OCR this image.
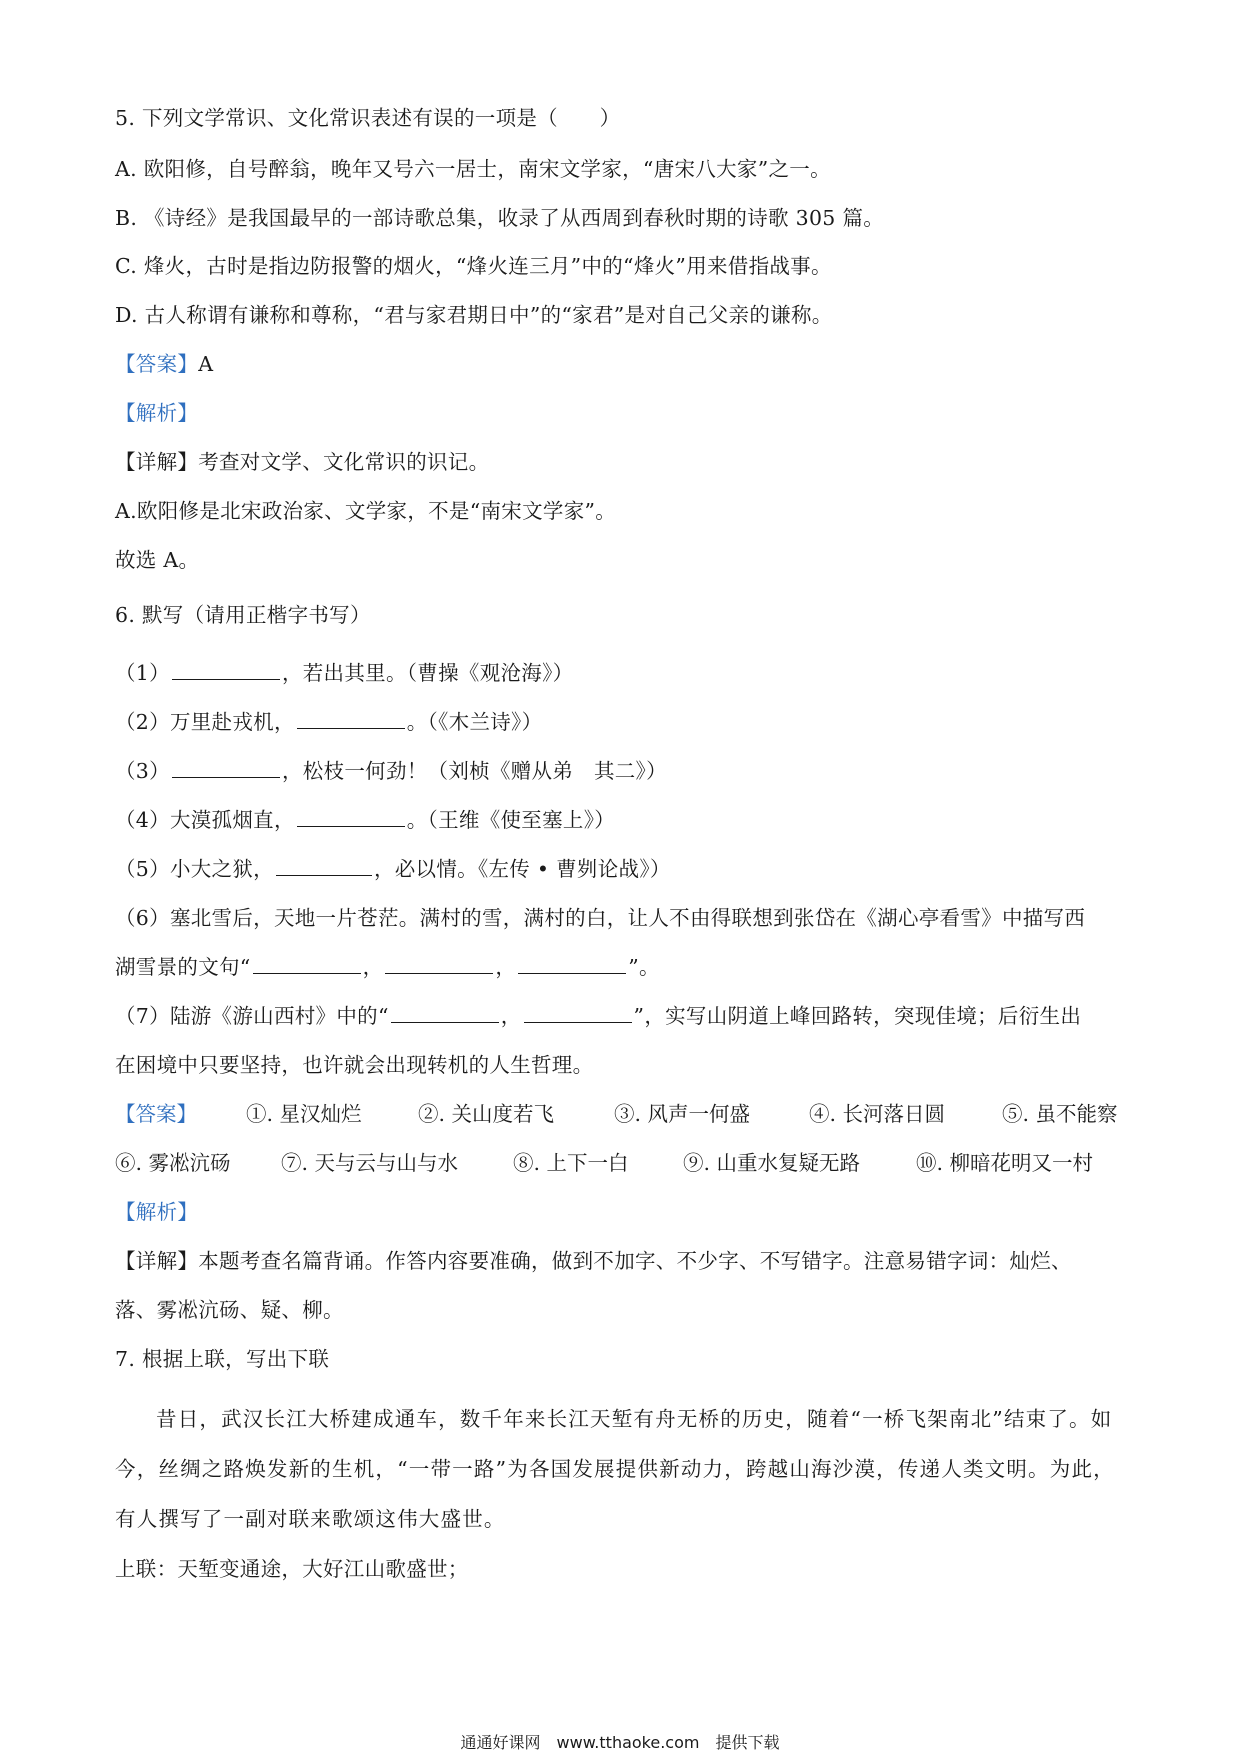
5. 下列文学常识、文化常识表述有误的一项是（　　）
A. 欧阳修，自号醉翁，晚年又号六一居士，南宋文学家，“唐宋八大家”之一。
B. 《诗经》是我国最早的一部诗歌总集，收录了从西周到春秋时期的诗歌 305 篇。
C. 烽火，古时是指边防报警的烟火，“烽火连三月”中的“烽火”用来借指战事。
D. 古人称谓有谦称和尊称，“君与家君期日中”的“家君”是对自己父亲的谦称。
【答案】A
【解析】
【详解】考查对文学、文化常识的识记。
A.欧阳修是北宋政治家、文学家，不是“南宋文学家”。
故选 A。
6. 默写（请用正楷字书写）
（1）	，若出其里。（曹操《观沧海》）
（2）万里赴戎机，	。（《木兰诗》）
（3）	，松枝一何劲！（刘桢《赠从弟　其二》）
（4）大漠孤烟直，	。（王维《使至塞上》）
（5）小大之狱，	，必以情。《左传 • 曹刿论战》）
（6）塞北雪后，天地一片苍茫。满村的雪，满村的白，让人不由得联想到张岱在《湖心亭看雪》中描写西
湖雪景的文句“	，	，	”。
（7）陆游《游山西村》中的“	，	”，实写山阴道上峰回路转，突现佳境；后衍生出
在困境中只要坚持，也许就会出现转机的人生哲理。
【答案】 ①. 星汉灿烂	②. 关山度若飞	③. 风声一何盛	④. 长河落日圆	⑤. 虽不能察
⑥. 雾凇沆砀 ⑦. 天与云与山与水	⑧. 上下一白	⑨. 山重水复疑无路	⑩. 柳暗花明又一村
【解析】
【详解】本题考查名篇背诵。作答内容要准确，做到不加字、不少字、不写错字。注意易错字词：灿烂、
落、雾凇沆砀、疑、柳。
7. 根据上联，写出下联
昔日，武汉长江大桥建成通车，数千年来长江天堑有舟无桥的历史，随着“一桥飞架南北”结束了。如
今，丝绸之路焕发新的生机，“一带一路”为各国发展提供新动力，跨越山海沙漠，传递人类文明。为此，
有人撰写了一副对联来歌颂这伟大盛世。
上联：天堑变通途，大好江山歌盛世；
通通好课网　www.tthaoke.com　提供下载
